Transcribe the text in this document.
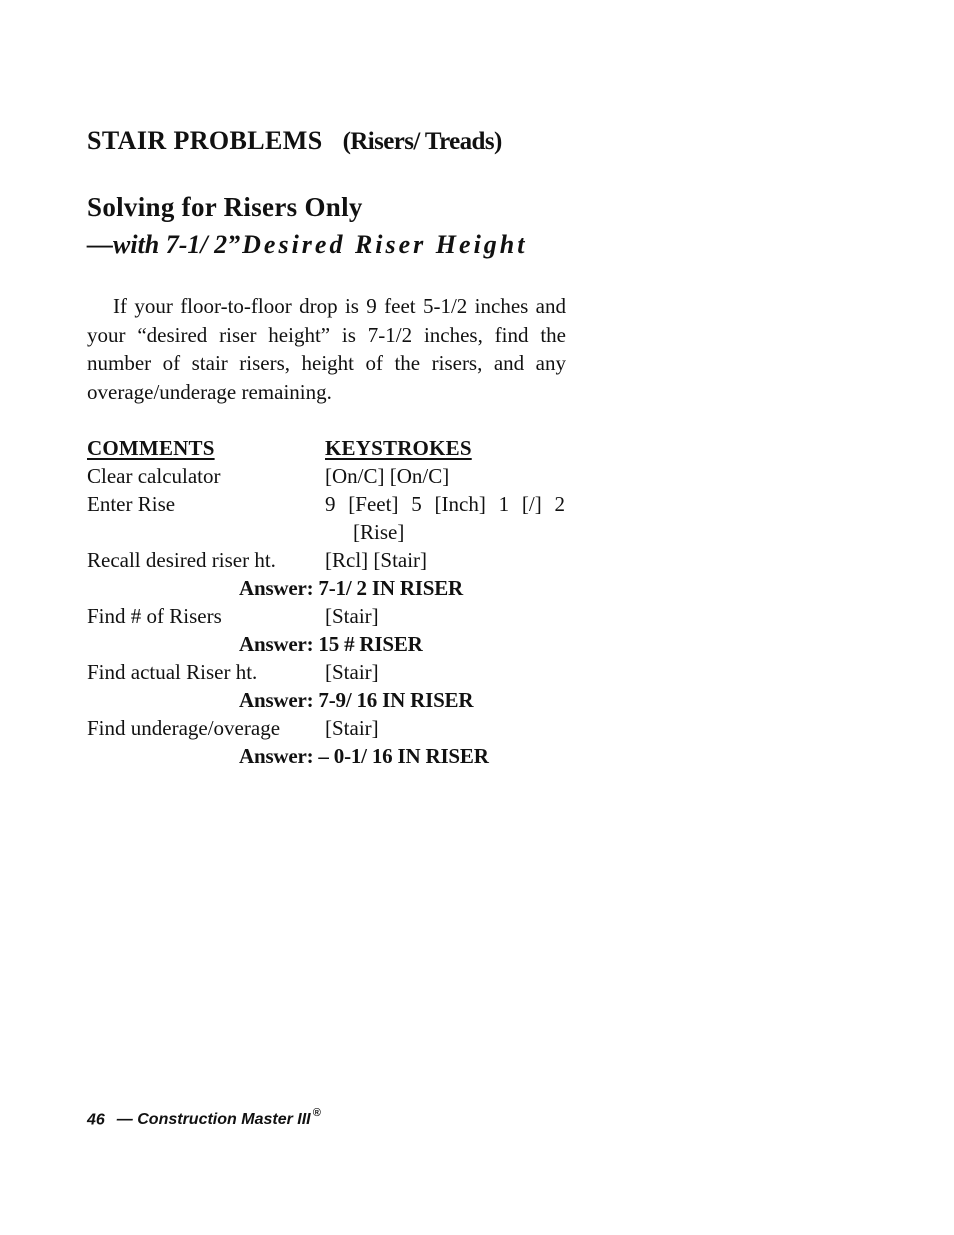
STAIR PROBLEMS (Risers/ Treads)
Solving for Risers Only
—with 7-1/ 2”Desired Riser Height

If your floor-to-floor drop is 9 feet 5-1/2 inches and your “desired riser height” is 7-1/2 inches, find the number of stair risers, height of the risers, and any overage/underage remaining.

COMMENTS	KEYSTROKES
Clear calculator	[On/C] [On/C]
Enter Rise	9 [Feet] 5 [Inch] 1 [/] 2 [Rise]
Recall desired riser ht. [Rcl] [Stair]
Answer: 7-1/ 2 IN RISER
Find # of Risers	[Stair]
Answer: 15 # RISER
Find actual Riser ht.	[Stair]
Answer: 7-9/ 16 IN RISER
Find underage/overage [Stair]
Answer: – 0-1/ 16 IN RISER
46 — Construction Master III ®
